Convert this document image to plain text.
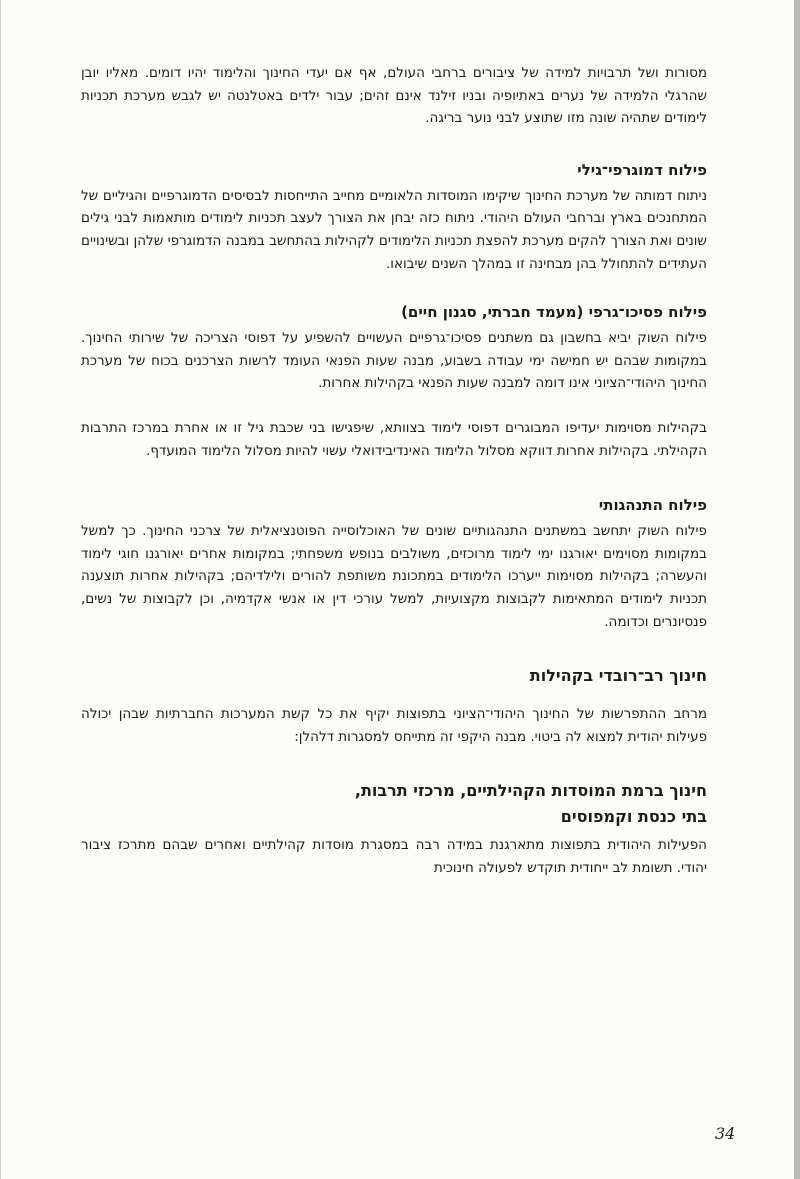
מסורות ושל תרבויות למידה של ציבורים ברחבי העולם, אף אם יעדי החינוך והלימוד יהיו דומים. מאליו יובן שהרגלי הלמידה של נערים באתיופיה ובניו זילנד אינם זהים; עבור ילדים באטלנטה יש לגבש מערכת תכניות לימודים שתהיה שונה מזו שתוצע לבני נוער בריגה.

פילוח דמוגרפי־גילי

ניתוח דמותה של מערכת החינוך שיקימו המוסדות הלאומיים מחייב התייחסות לבסיסים הדמוגרפיים והגיליים של המתחנכים בארץ וברחבי העולם היהודי. ניתוח כזה יבחן את הצורך לעצב תכניות לימודים מותאמות לבני גילים שונים ואת הצורך להקים מערכת להפצת תכניות הלימודים לקהילות בהתחשב במבנה הדמוגרפי שלהן ובשינויים העתידים להתחולל בהן מבחינה זו במהלך השנים שיבואו.

פילוח פסיכו־גרפי (מעמד חברתי, סגנון חיים)

פילוח השוק יביא בחשבון גם משתנים פסיכו־גרפיים העשויים להשפיע על דפוסי הצריכה של שירותי החינוך. במקומות שבהם יש חמישה ימי עבודה בשבוע, מבנה שעות הפנאי העומד לרשות הצרכנים בכוח של מערכת החינוך היהודי־הציוני אינו דומה למבנה שעות הפנאי בקהילות אחרות.

בקהילות מסוימות יעדיפו המבוגרים דפוסי לימוד בצוותא, שיפגישו בני שכבת גיל זו או אחרת במרכז התרבות הקהילתי. בקהילות אחרות דווקא מסלול הלימוד האינדיבידואלי עשוי להיות מסלול הלימוד המועדף.

פילוח התנהגותי

פילוח השוק יתחשב במשתנים התנהגותיים שונים של האוכלוסייה הפוטנציאלית של צרכני החינוך. כך למשל במקומות מסוימים יאורגנו ימי לימוד מרוכזים, משולבים בנופש משפחתי; במקומות אחרים יאורגנו חוגי לימוד והעשרה; בקהילות מסוימות ייערכו הלימודים במתכונת משותפת להורים ולילדיהם; בקהילות אחרות תוצענה תכניות לימודים המתאימות לקבוצות מקצועיות, למשל עורכי דין או אנשי אקדמיה, וכן לקבוצות של נשים, פנסיונרים וכדומה.

חינוך רב־רובדי בקהילות

מרחב ההתפרשות של החינוך היהודי־הציוני בתפוצות יקיף את כל קשת המערכות החברתיות שבהן יכולה פעילות יהודית למצוא לה ביטוי. מבנה היקפי זה מתייחס למסגרות דלהלן:

חינוך ברמת המוסדות הקהילתיים, מרכזי תרבות,
בתי כנסת וקמפוסים

הפעילות היהודית בתפוצות מתארגנת במידה רבה במסגרת מוסדות קהילתיים ואחרים שבהם מתרכז ציבור יהודי. תשומת לב ייחודית תוקדש לפעולה חינוכית

34
